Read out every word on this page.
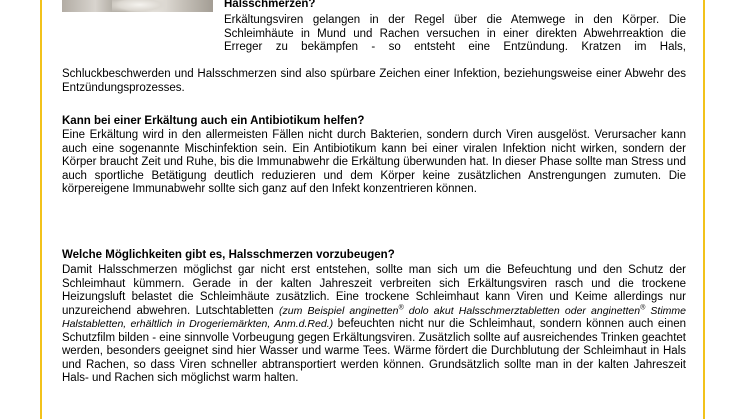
Halsschmerzen?

Erkältungsviren gelangen in der Regel über die Atemwege in den Körper. Die Schleimhäute in Mund und Rachen versuchen in einer direkten Abwehrreaktion die Erreger zu bekämpfen - so entsteht eine Entzündung. Kratzen im Hals,

Schluckbeschwerden und Halsschmerzen sind also spürbare Zeichen einer Infektion, beziehungsweise einer Abwehr des Entzündungsprozesses.

Kann bei einer Erkältung auch ein Antibiotikum helfen?

Eine Erkältung wird in den allermeisten Fällen nicht durch Bakterien, sondern durch Viren ausgelöst. Verursacher kann auch eine sogenannte Mischinfektion sein. Ein Antibiotikum kann bei einer viralen Infektion nicht wirken, sondern der Körper braucht Zeit und Ruhe, bis die Immunabwehr die Erkältung überwunden hat. In dieser Phase sollte man Stress und auch sportliche Betätigung deutlich reduzieren und dem Körper keine zusätzlichen Anstrengungen zumuten. Die körpereigene Immunabwehr sollte sich ganz auf den Infekt konzentrieren können.

Welche Möglichkeiten gibt es, Halsschmerzen vorzubeugen?

Damit Halsschmerzen möglichst gar nicht erst entstehen, sollte man sich um die Befeuchtung und den Schutz der Schleimhaut kümmern. Gerade in der kalten Jahreszeit verbreiten sich Erkältungsviren rasch und die trockene Heizungsluft belastet die Schleimhäute zusätzlich. Eine trockene Schleimhaut kann Viren und Keime allerdings nur unzureichend abwehren. Lutschtabletten (zum Beispiel anginetten® dolo akut Halsschmerztabletten oder anginetten® Stimme Halstabletten, erhältlich in Drogeriemärkten, Anm.d.Red.) befeuchten nicht nur die Schleimhaut, sondern können auch einen Schutzfilm bilden - eine sinnvolle Vorbeugung gegen Erkältungsviren. Zusätzlich sollte auf ausreichendes Trinken geachtet werden, besonders geeignet sind hier Wasser und warme Tees. Wärme fördert die Durchblutung der Schleimhaut in Hals und Rachen, so dass Viren schneller abtransportiert werden können. Grundsätzlich sollte man in der kalten Jahreszeit Hals- und Rachen sich möglichst warm halten.
